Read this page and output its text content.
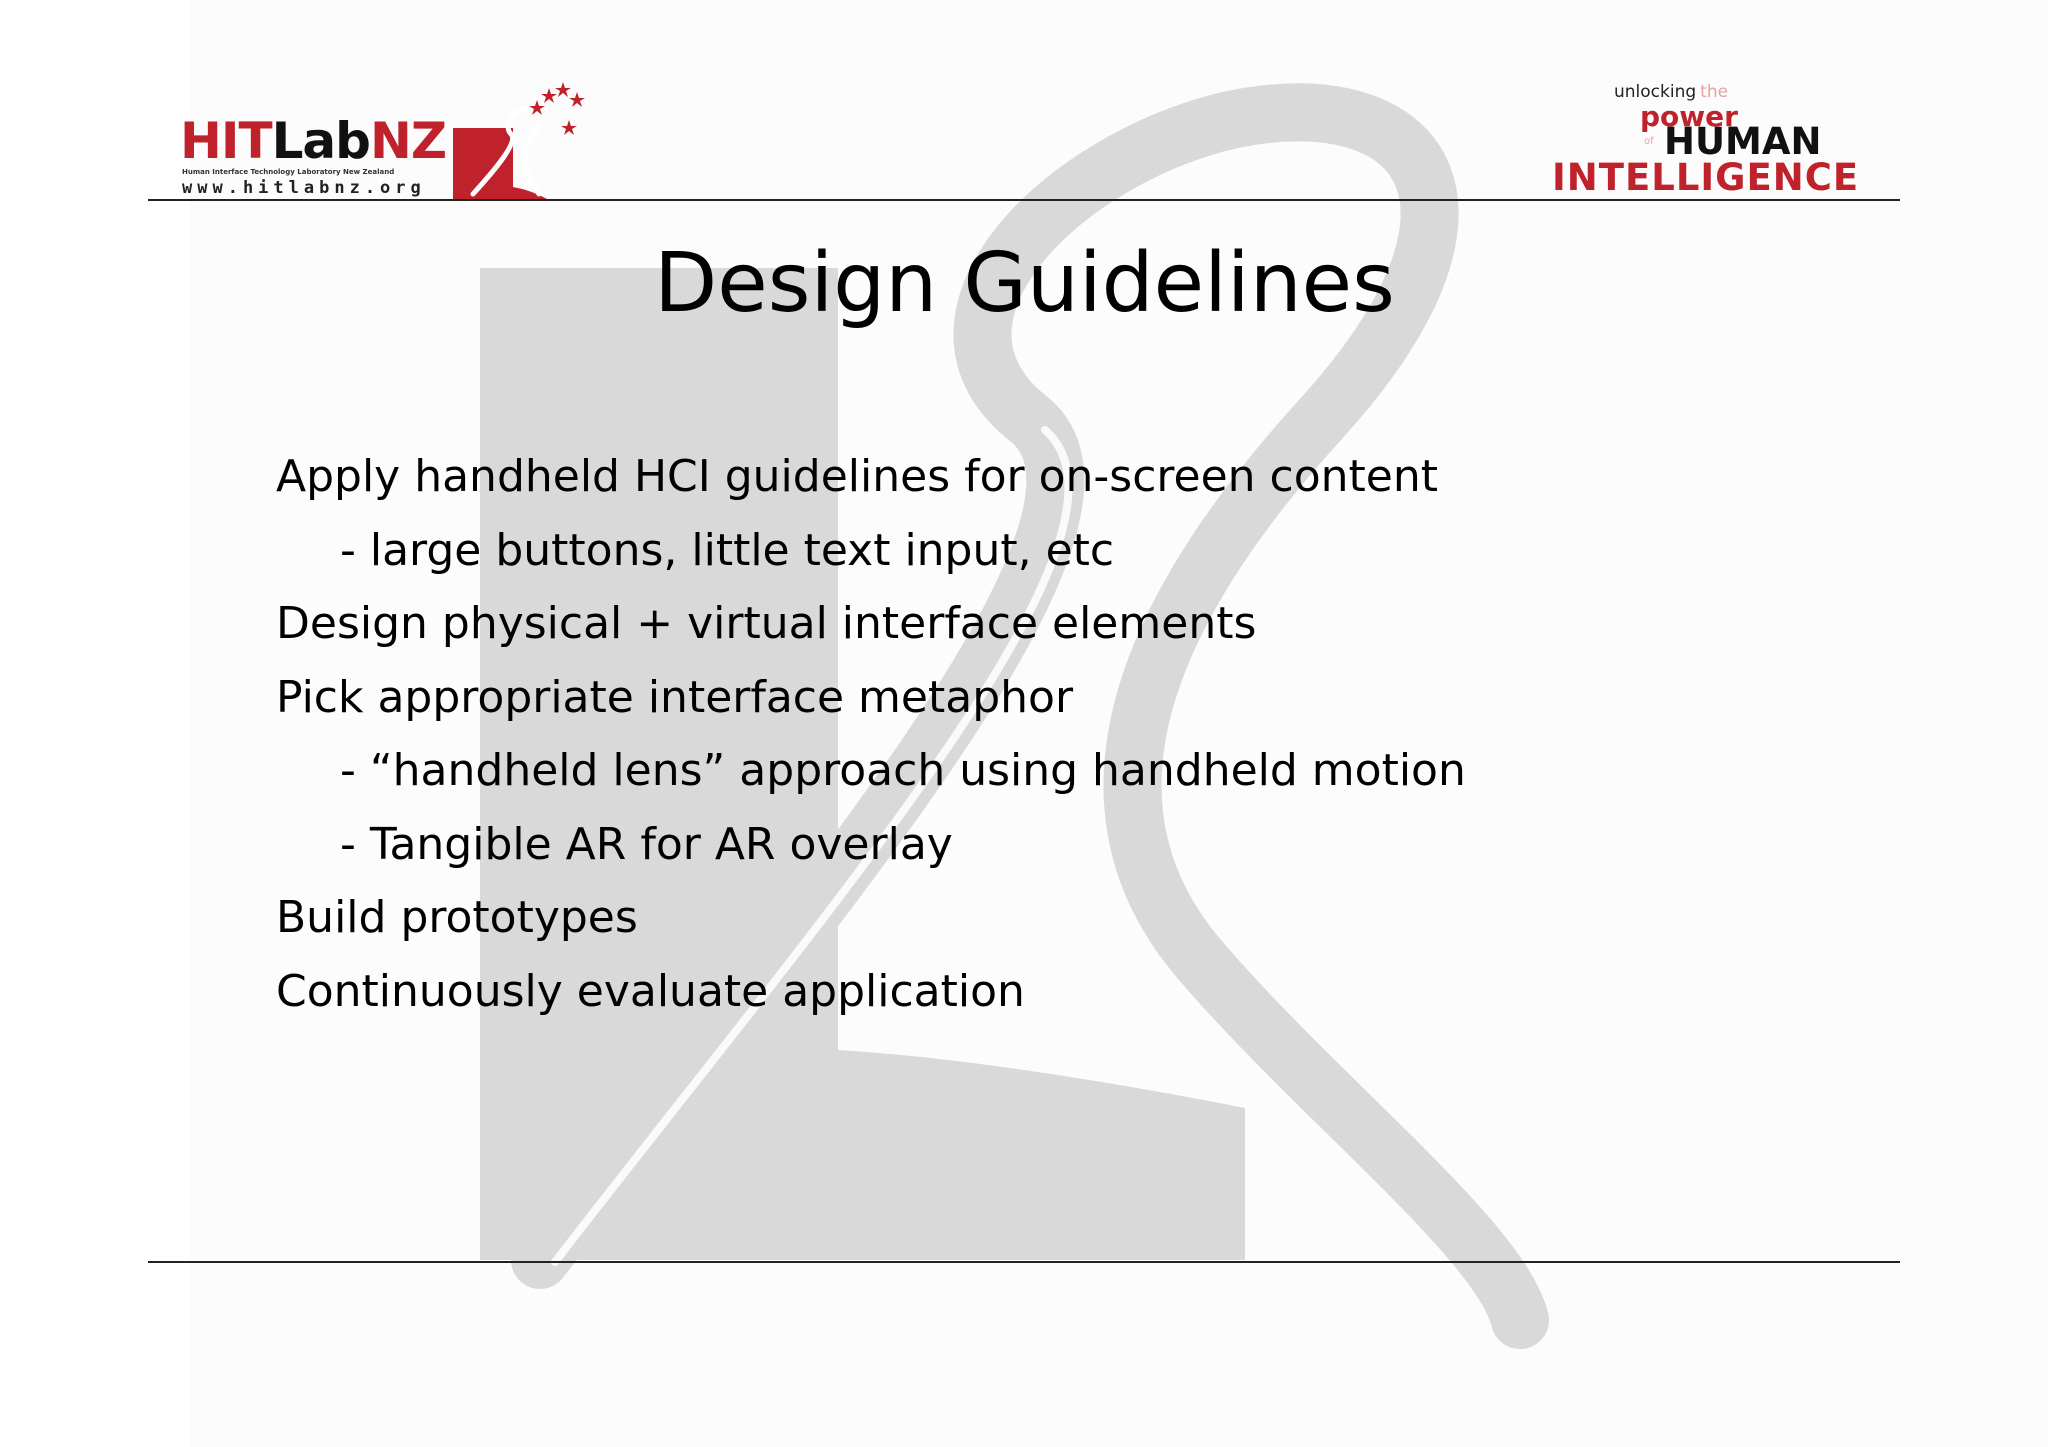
HITLabNZ
Human Interface Technology Laboratory New Zealand
www.hitlabnz.org
unlocking the
power
of HUMAN
INTELLIGENCE
Design Guidelines
Apply handheld HCI guidelines for on-screen content
- large buttons, little text input, etc
Design physical + virtual interface elements
Pick appropriate interface metaphor
- “handheld lens” approach using handheld motion
- Tangible AR for AR overlay
Build prototypes
Continuously evaluate application
